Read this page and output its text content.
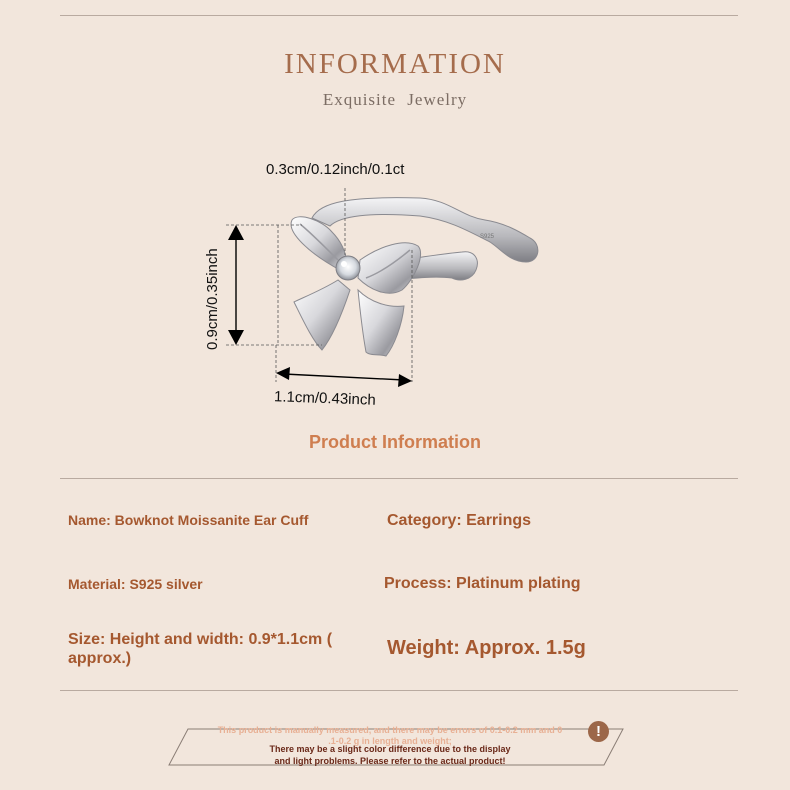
INFORMATION
Exquisite Jewelry
S925
0.3cm/0.12inch/0.1ct
0.9cm/0.35inch
1.1cm/0.43inch
Product Information
Name: Bowknot Moissanite Ear Cuff	Category: Earrings
Material: S925 silver	Process: Platinum plating
Size: Height and width: 0.9*1.1cm (
approx.)	Weight: Approx. 1.5g
This product is manually measured, and there may be errors of 0.1-0.2 mm and 0
.1-0.2 g in length and weight;
There may be a slight color difference due to the display
and light problems. Please refer to the actual product!
!
